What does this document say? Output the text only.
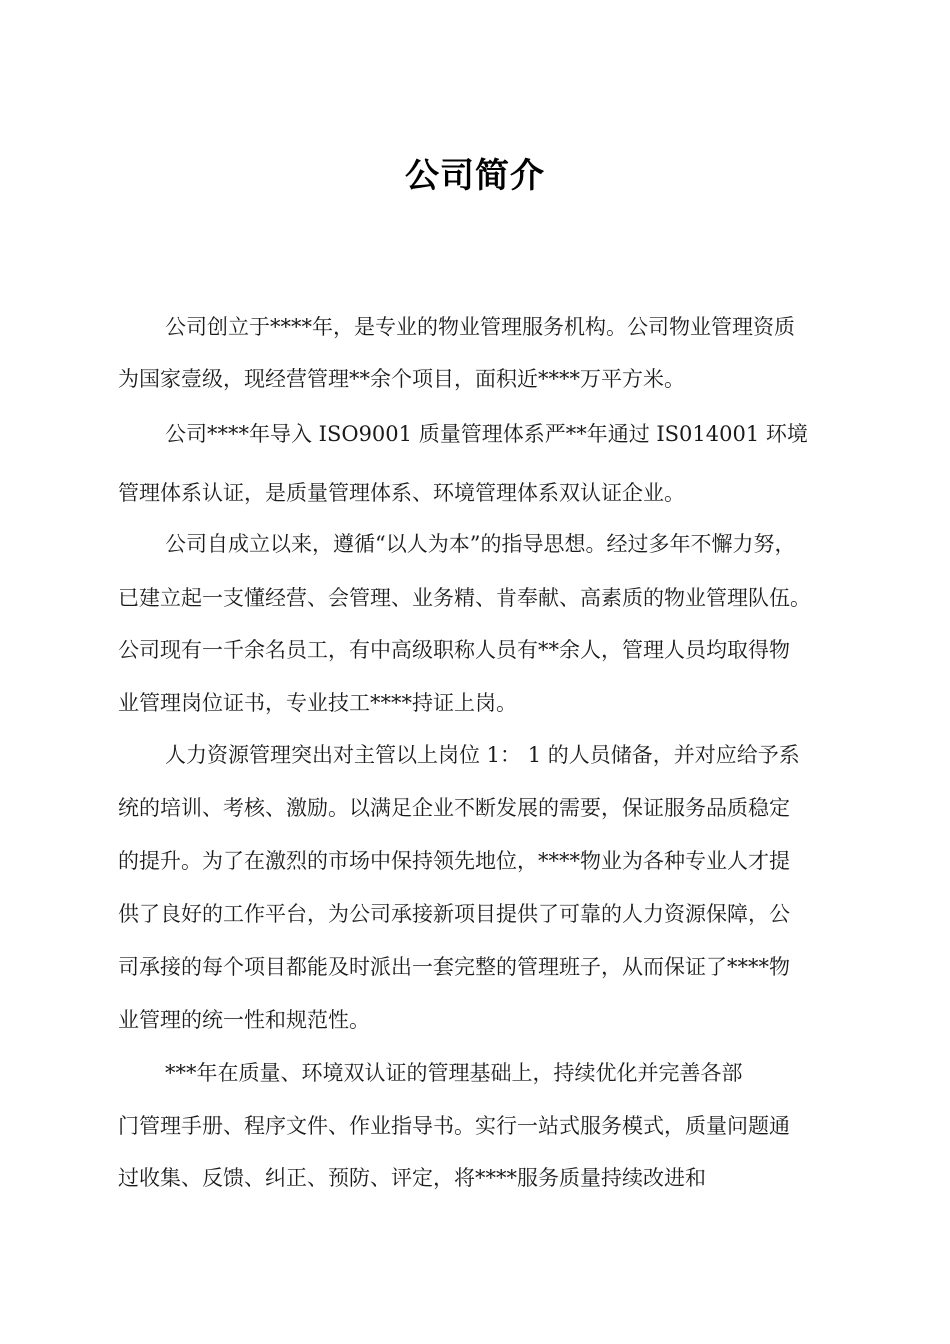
公司简介
公司创立于****年，是专业的物业管理服务机构。公司物业管理资质
为国家壹级，现经营管理**余个项目，面积近****万平方米。
公司****年导入 ISO9001 质量管理体系严**年通过 IS014001 环境
管理体系认证，是质量管理体系、环境管理体系双认证企业。
公司自成立以来，遵循“以人为本”的指导思想。经过多年不懈力努，
已建立起一支懂经营、会管理、业务精、肯奉献、高素质的物业管理队伍。
公司现有一千余名员工，有中高级职称人员有**余人，管理人员均取得物
业管理岗位证书，专业技工****持证上岗。
人力资源管理突出对主管以上岗位 1： 1 的人员储备，并对应给予系
统的培训、考核、激励。以满足企业不断发展的需要，保证服务品质稳定
的提升。为了在激烈的市场中保持领先地位，****物业为各种专业人才提
供了良好的工作平台，为公司承接新项目提供了可靠的人力资源保障，公
司承接的每个项目都能及时派出一套完整的管理班子，从而保证了****物
业管理的统一性和规范性。
***年在质量、环境双认证的管理基础上，持续优化并完善各部
门管理手册、程序文件、作业指导书。实行一站式服务模式，质量问题通
过收集、反馈、纠正、预防、评定，将****服务质量持续改进和
